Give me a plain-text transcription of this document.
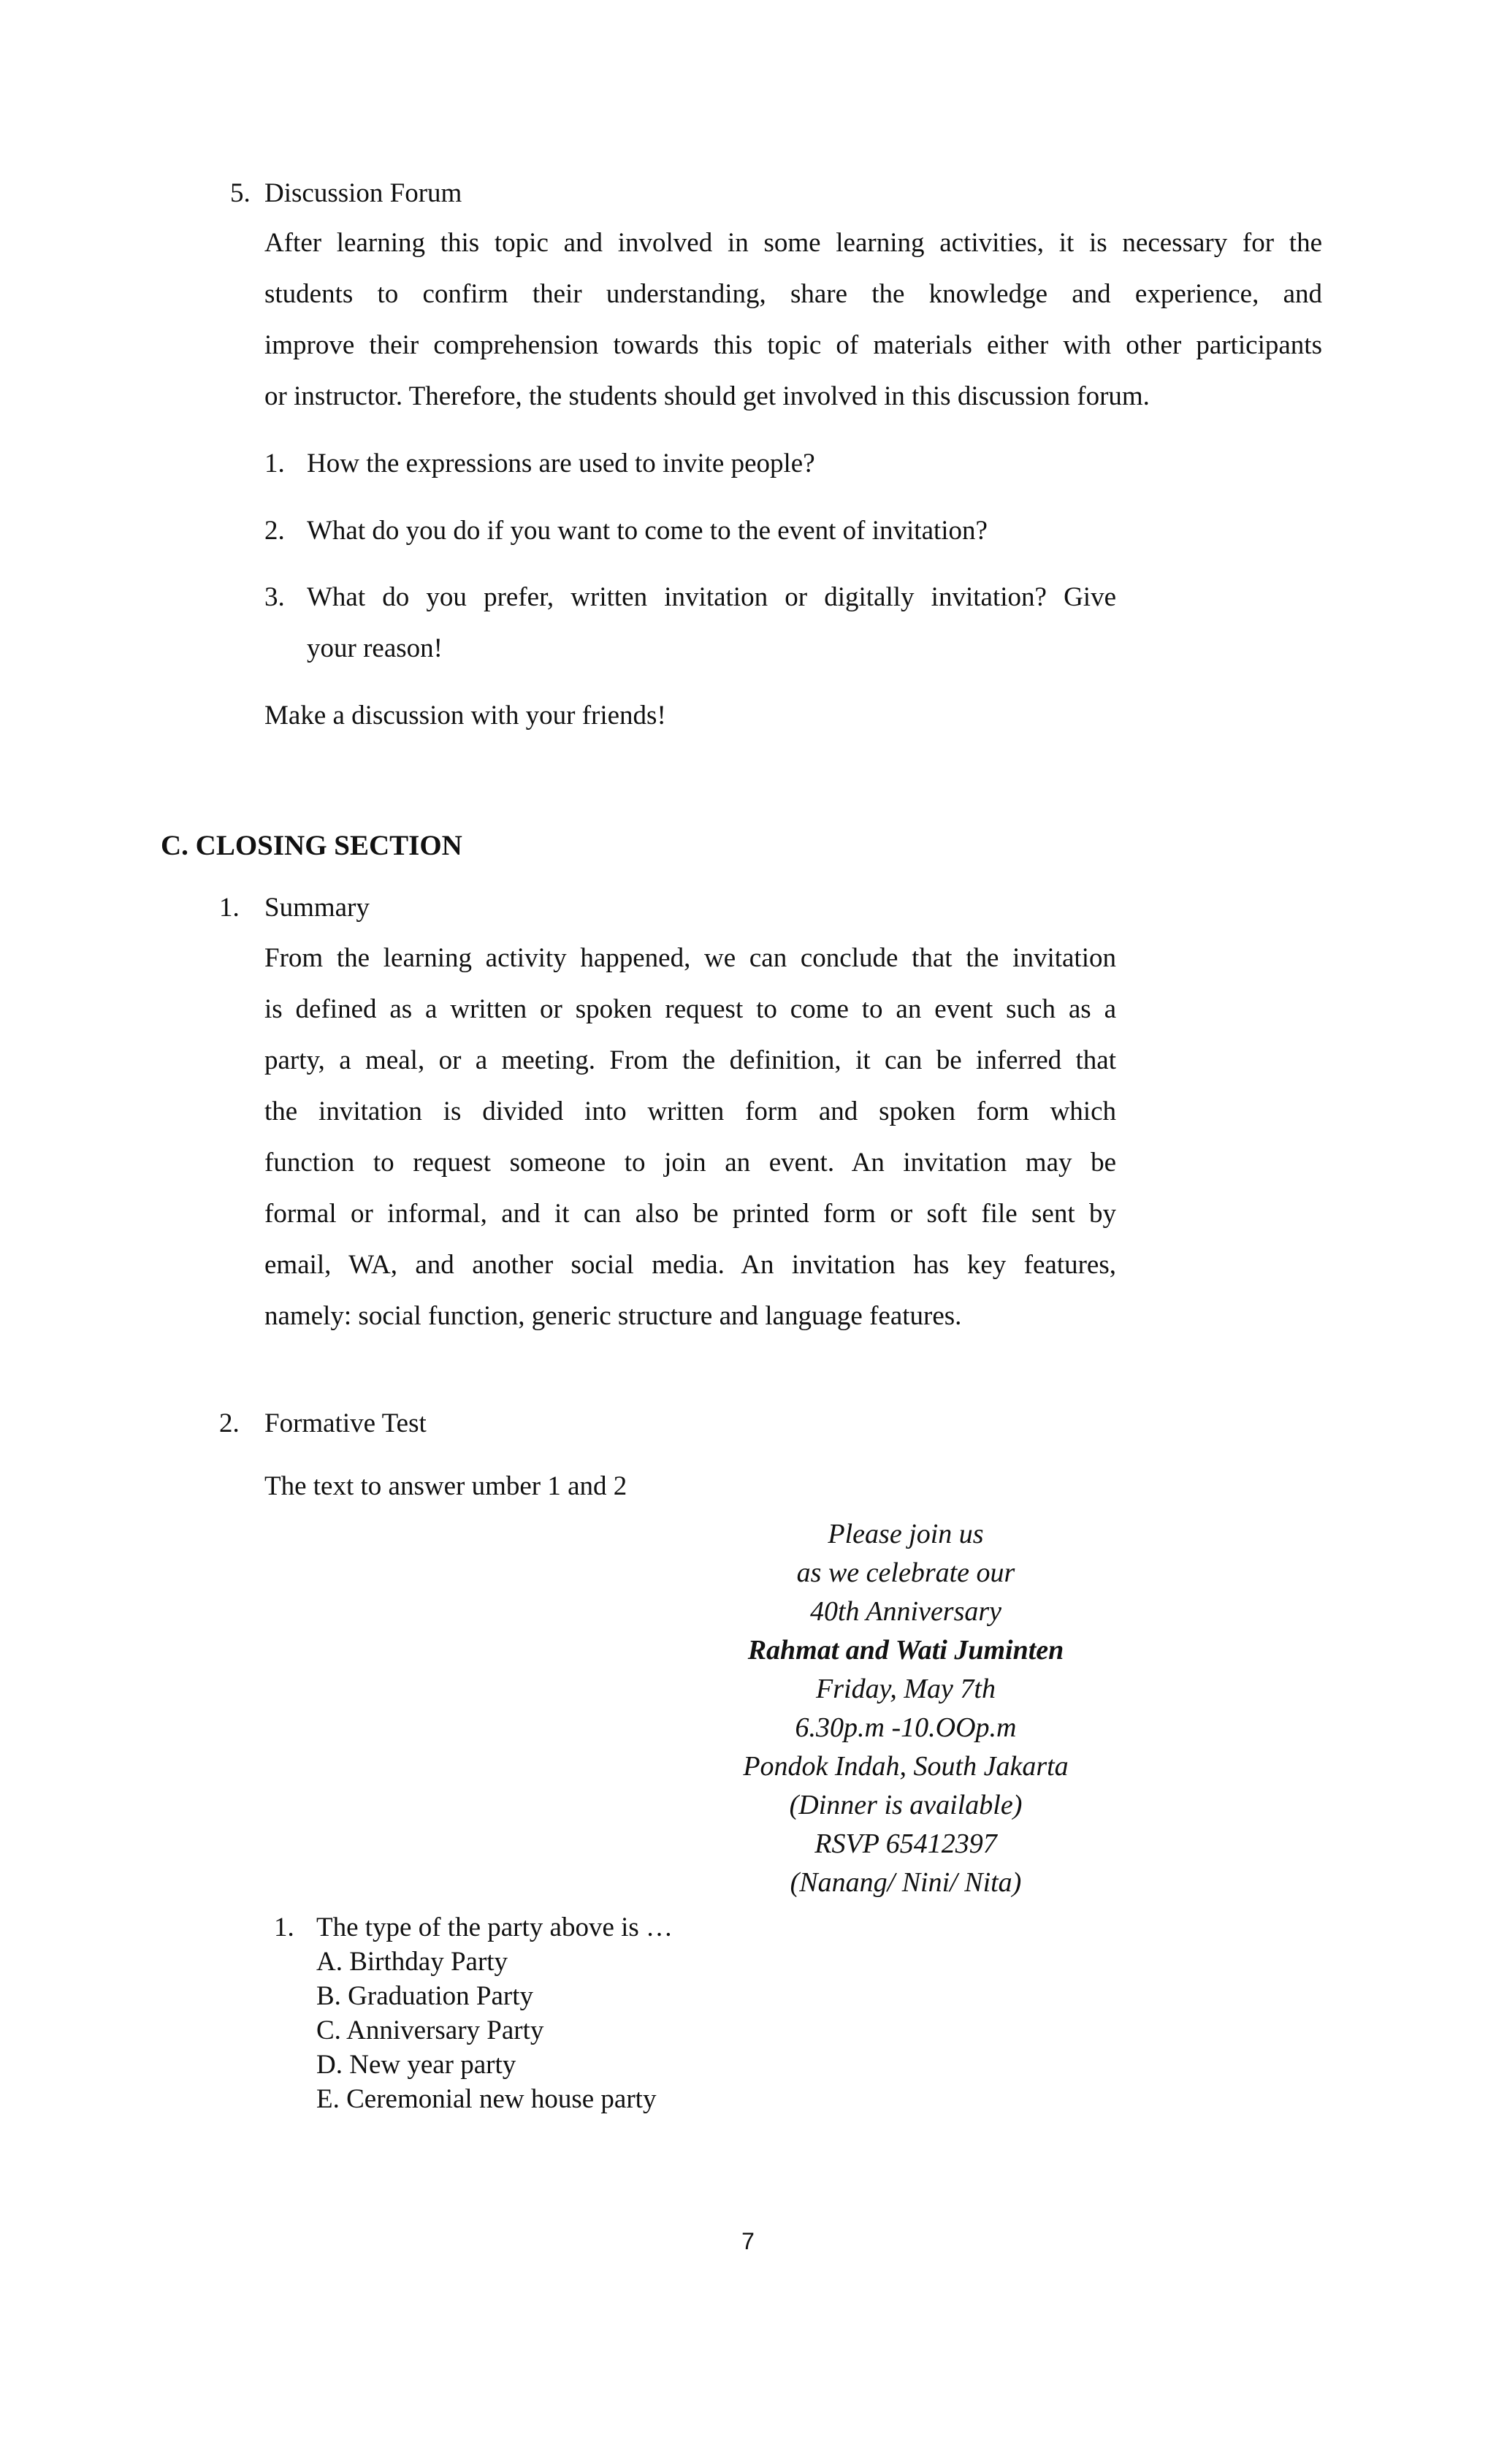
5. Discussion Forum
After learning this topic and involved in some learning activities, it is necessary for the
students to confirm their understanding, share the knowledge and experience, and
improve their comprehension towards this topic of materials either with other participants
or instructor. Therefore, the students should get involved in this discussion forum.
1. How the expressions are used to invite people?
2. What do you do if you want to come to the event of invitation?
3. What do you prefer, written invitation or digitally invitation? Give
your reason!
Make a discussion with your friends!
C. CLOSING SECTION
1. Summary
From the learning activity happened, we can conclude that the invitation
is defined as a written or spoken request to come to an event such as a
party, a meal, or a meeting. From the definition, it can be inferred that
the invitation is divided into written form and spoken form which
function to request someone to join an event. An invitation may be
formal or informal, and it can also be printed form or soft file sent by
email, WA, and another social media. An invitation has key features,
namely: social function, generic structure and language features.
2. Formative Test
The text to answer umber 1 and 2
Please join us
as we celebrate our
40th Anniversary
Rahmat and Wati Juminten
Friday, May 7th
6.30p.m -10.OOp.m
Pondok Indah, South Jakarta
(Dinner is available)
RSVP 65412397
(Nanang/ Nini/ Nita)
1. The type of the party above is …
A. Birthday Party
B. Graduation Party
C. Anniversary Party
D. New year party
E. Ceremonial new house party
7
